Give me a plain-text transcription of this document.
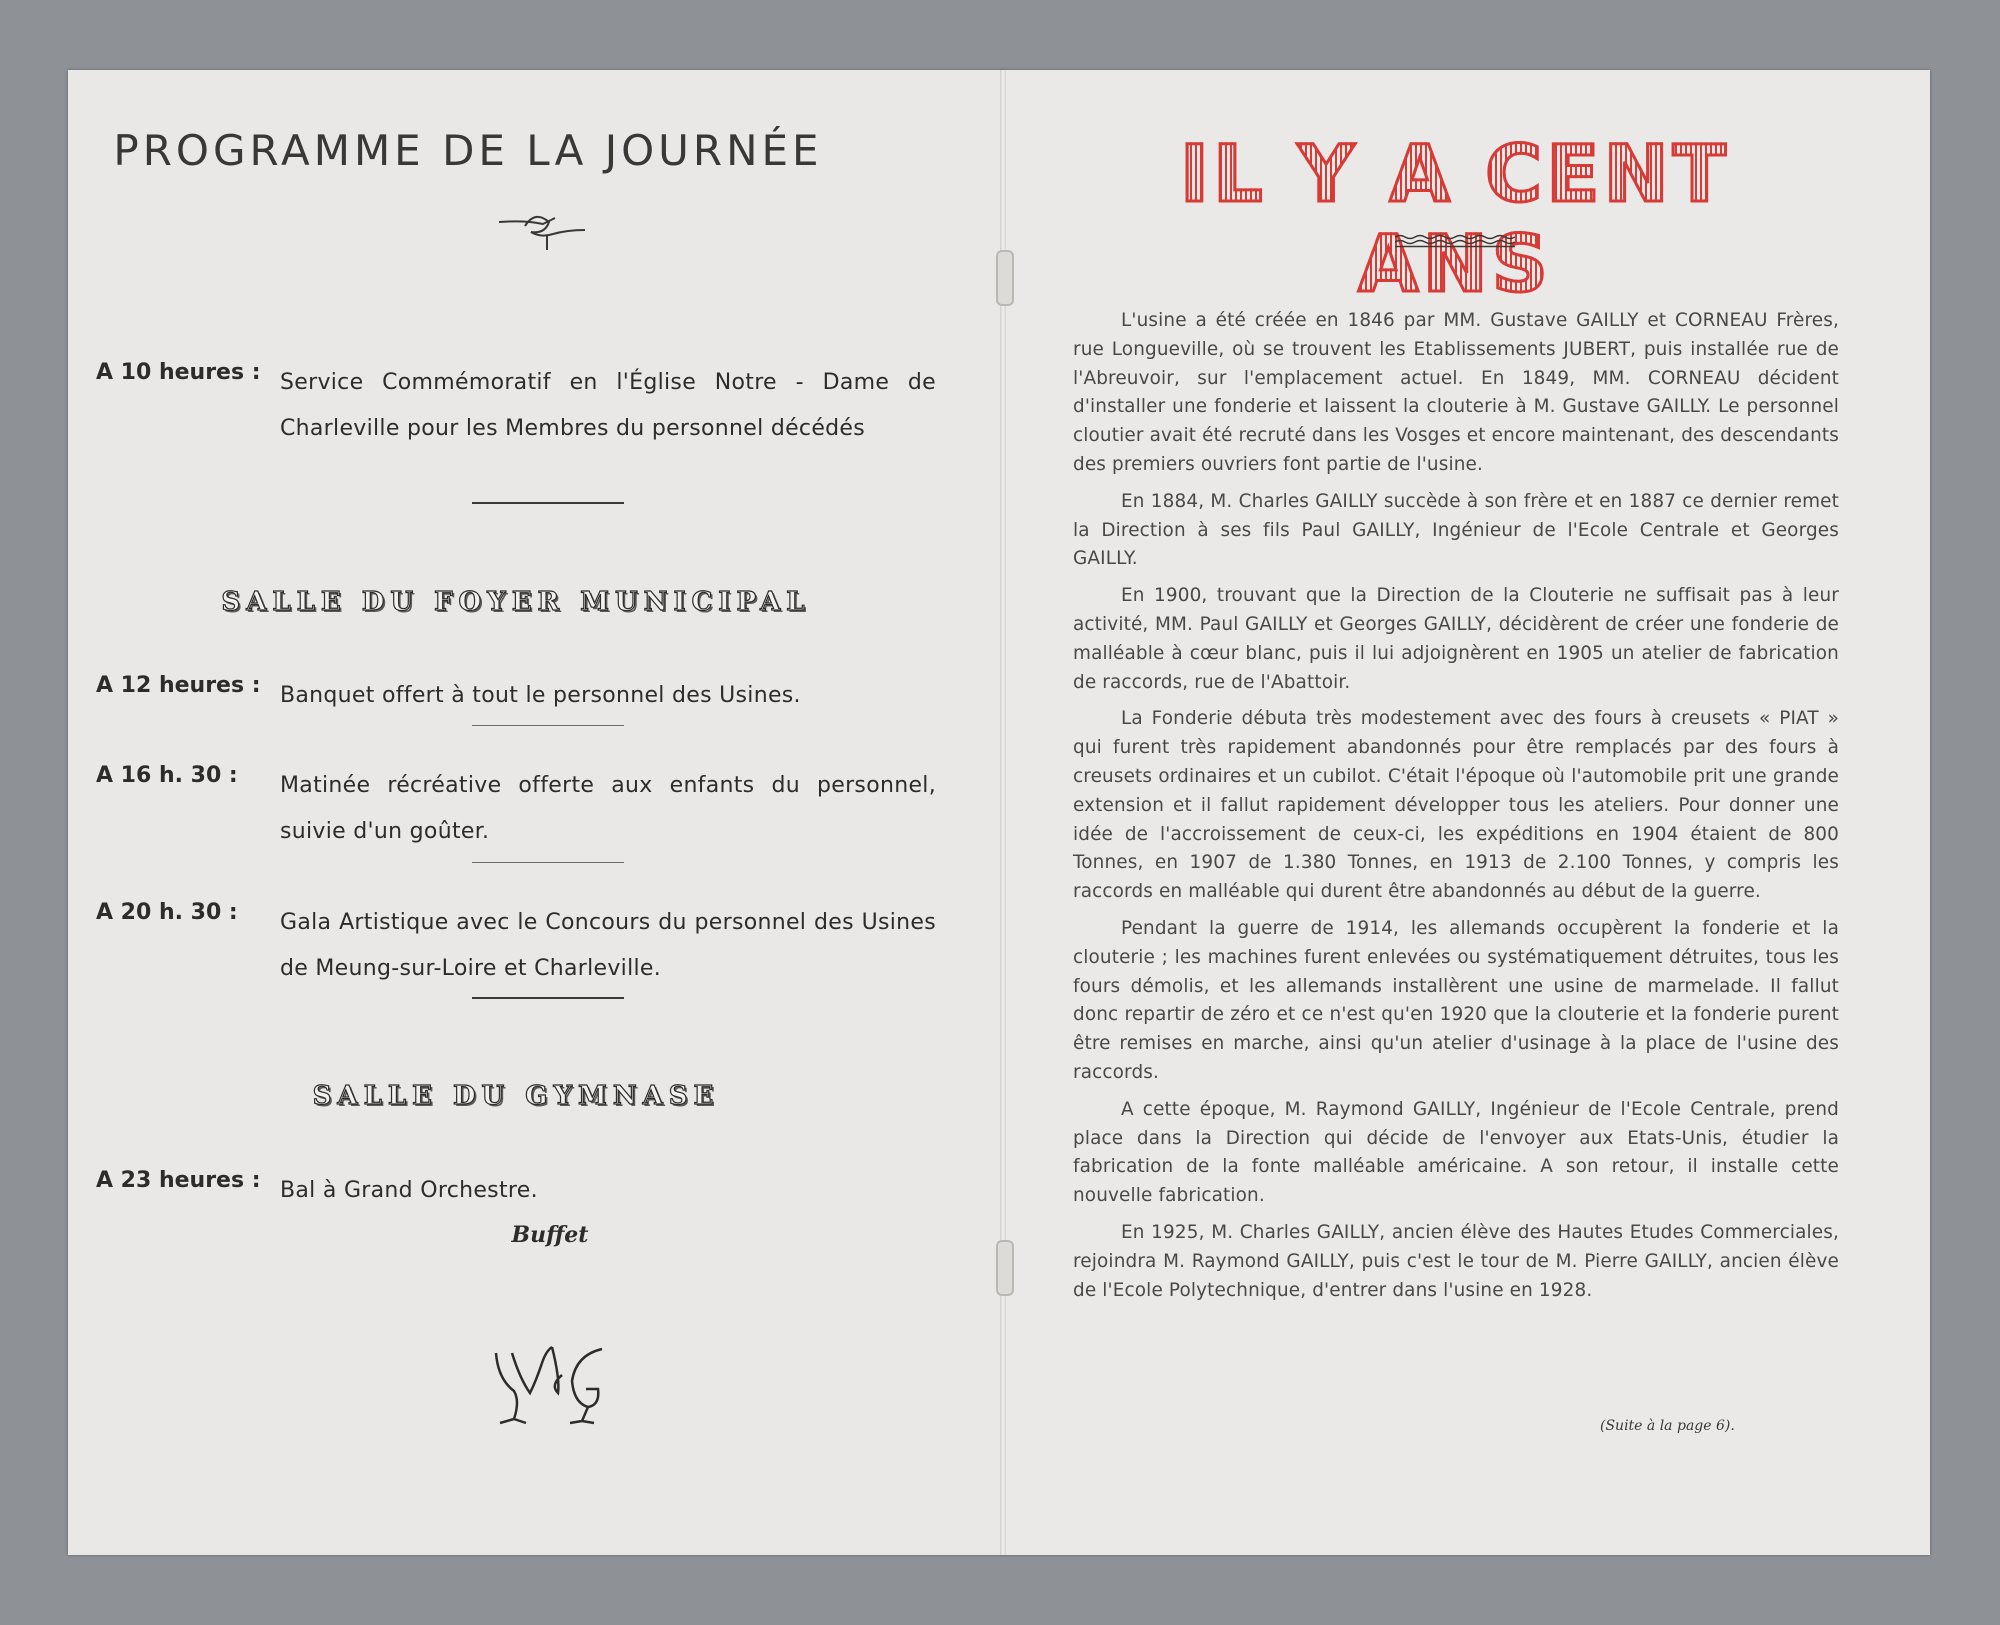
PROGRAMME DE LA JOURNÉE
A 10 heures : Service Commémoratif en l'Église Notre - Dame de Charleville pour les Membres du personnel décédés

SALLE DU FOYER MUNICIPAL
A 12 heures : Banquet offert à tout le personnel des Usines.

A 16 h. 30 :	Matinée récréative offerte aux enfants du personnel, suivie d'un goûter.

A 20 h. 30 :	Gala Artistique avec le Concours du personnel des Usines de Meung-sur-Loire et Charleville.

SALLE DU GYMNASE
A 23 heures : Bal à Grand Orchestre.

Buffet
IL Y A CENT ANS

L'usine a été créée en 1846 par MM. Gustave GAILLY et CORNEAU Frères, rue Longueville, où se trouvent les Etablissements JUBERT, puis installée rue de l'Abreuvoir, sur l'emplacement actuel. En 1849, MM. CORNEAU décident d'installer une fonderie et laissent la clouterie à M. Gustave GAILLY. Le personnel cloutier avait été recruté dans les Vosges et encore maintenant, des descendants des premiers ouvriers font partie de l'usine.

En 1884, M. Charles GAILLY succède à son frère et en 1887 ce dernier remet la Direction à ses fils Paul GAILLY, Ingénieur de l'Ecole Centrale et Georges GAILLY.

En 1900, trouvant que la Direction de la Clouterie ne suffisait pas à leur activité, MM. Paul GAILLY et Georges GAILLY, décidèrent de créer une fonderie de malléable à cœur blanc, puis il lui adjoignèrent en 1905 un atelier de fabrication de raccords, rue de l'Abattoir.

La Fonderie débuta très modestement avec des fours à creusets « PIAT » qui furent très rapidement abandonnés pour être remplacés par des fours à creusets ordinaires et un cubilot. C'était l'époque où l'automobile prit une grande extension et il fallut rapidement développer tous les ateliers. Pour donner une idée de l'accroissement de ceux-ci, les expéditions en 1904 étaient de 800 Tonnes, en 1907 de 1.380 Tonnes, en 1913 de 2.100 Tonnes, y compris les raccords en malléable qui durent être abandonnés au début de la guerre.

Pendant la guerre de 1914, les allemands occupèrent la fonderie et la clouterie ; les machines furent enlevées ou systématiquement détruites, tous les fours démolis, et les allemands installèrent une usine de marmelade. Il fallut donc repartir de zéro et ce n'est qu'en 1920 que la clouterie et la fonderie purent être remises en marche, ainsi qu'un atelier d'usinage à la place de l'usine des raccords.

A cette époque, M. Raymond GAILLY, Ingénieur de l'Ecole Centrale, prend place dans la Direction qui décide de l'envoyer aux Etats-Unis, étudier la fabrication de la fonte malléable américaine. A son retour, il installe cette nouvelle fabrication.

En 1925, M. Charles GAILLY, ancien élève des Hautes Etudes Commerciales, rejoindra M. Raymond GAILLY, puis c'est le tour de M. Pierre GAILLY, ancien élève de l'Ecole Polytechnique, d'entrer dans l'usine en 1928.

(Suite à la page 6).
